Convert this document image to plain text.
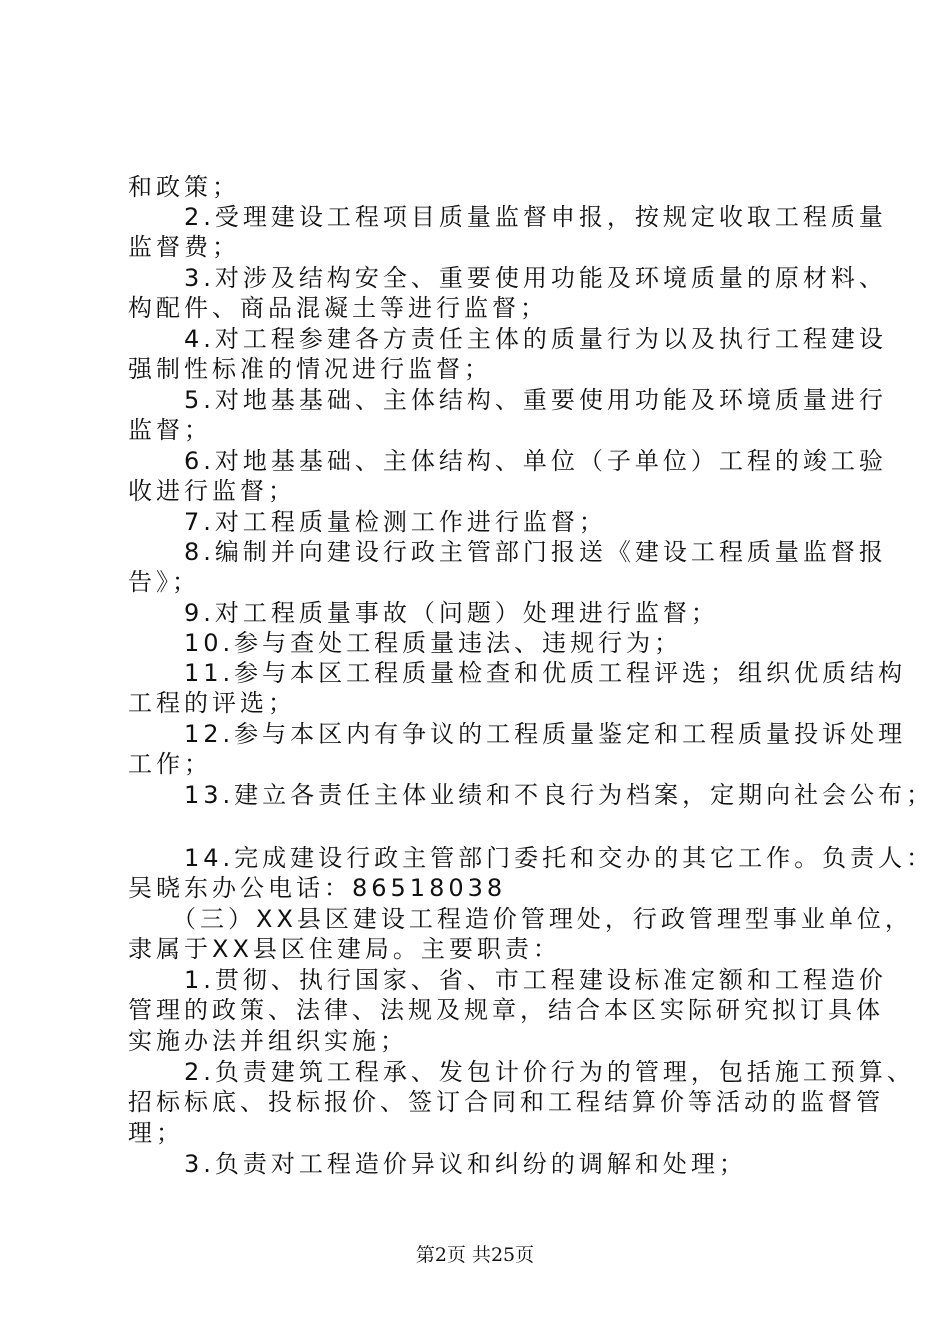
和政策；
　　2.受理建设工程项目质量监督申报，按规定收取工程质量
监督费；
　　3.对涉及结构安全、重要使用功能及环境质量的原材料、
构配件、商品混凝土等进行监督；
　　4.对工程参建各方责任主体的质量行为以及执行工程建设
强制性标准的情况进行监督；
　　5.对地基基础、主体结构、重要使用功能及环境质量进行
监督；
　　6.对地基基础、主体结构、单位（子单位）工程的竣工验
收进行监督；
　　7.对工程质量检测工作进行监督；
　　8.编制并向建设行政主管部门报送《建设工程质量监督报
告》；
　　9.对工程质量事故（问题）处理进行监督；
　　10.参与查处工程质量违法、违规行为；
　　11.参与本区工程质量检查和优质工程评选；组织优质结构
工程的评选；
　　12.参与本区内有争议的工程质量鉴定和工程质量投诉处理
工作；
　　13.建立各责任主体业绩和不良行为档案，定期向社会公布；
　　14.完成建设行政主管部门委托和交办的其它工作。负责人：
吴晓东办公电话：86518038
　　（三）XX县区建设工程造价管理处，行政管理型事业单位，
隶属于XX县区住建局。主要职责：
　　1.贯彻、执行国家、省、市工程建设标准定额和工程造价
管理的政策、法律、法规及规章，结合本区实际研究拟订具体
实施办法并组织实施；
　　2.负责建筑工程承、发包计价行为的管理，包括施工预算、
招标标底、投标报价、签订合同和工程结算价等活动的监督管
理；
　　3.负责对工程造价异议和纠纷的调解和处理；
第2页 共25页
